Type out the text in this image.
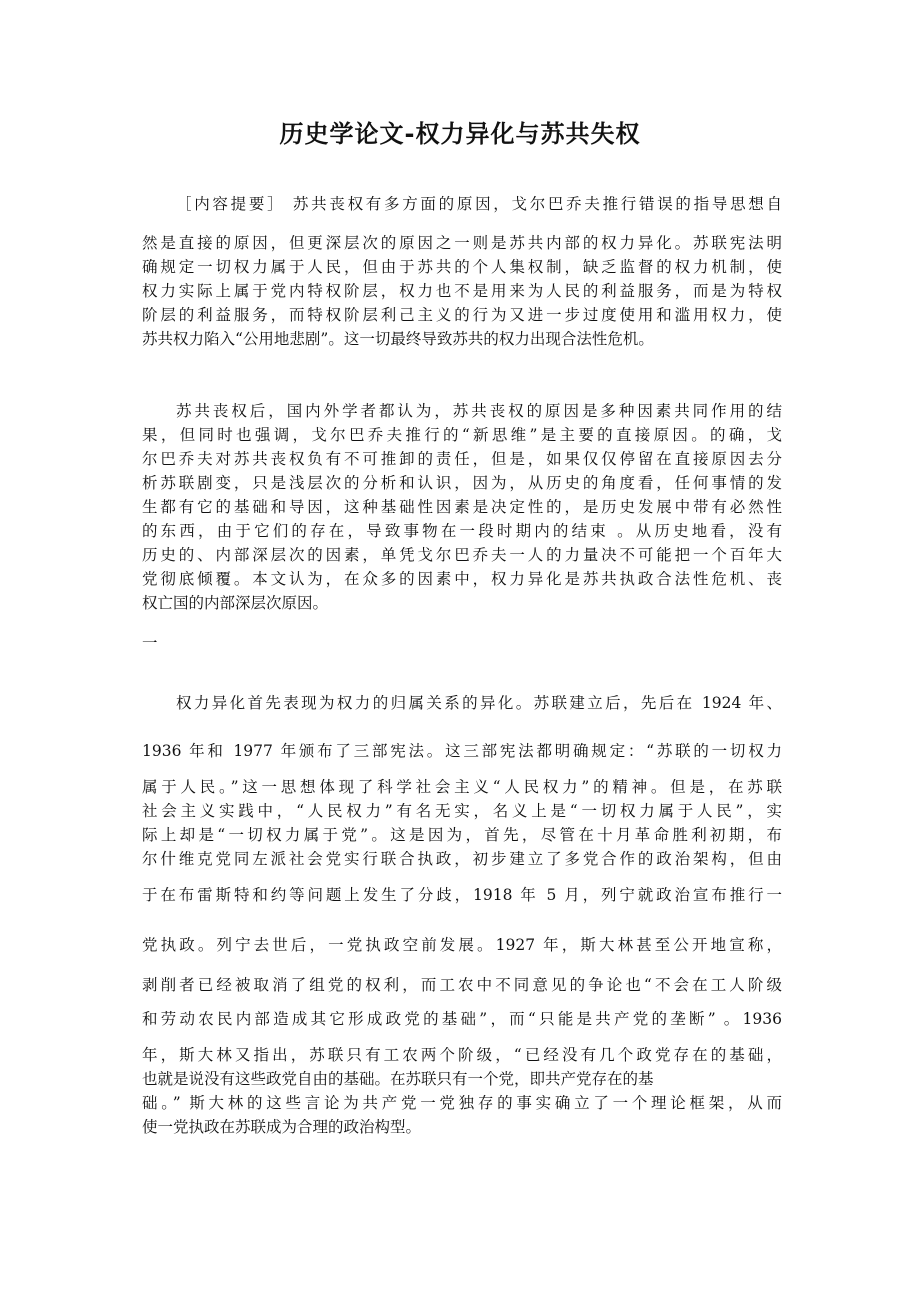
历史学论文-权力异化与苏共失权
［内容提要］ 苏共丧权有多方面的原因，戈尔巴乔夫推行错误的指导思想自
然是直接的原因，但更深层次的原因之一则是苏共内部的权力异化。苏联宪法明
确规定一切权力属于人民，但由于苏共的个人集权制，缺乏监督的权力机制，使
权力实际上属于党内特权阶层，权力也不是用来为人民的利益服务，而是为特权
阶层的利益服务，而特权阶层利己主义的行为又进一步过度使用和滥用权力，使
苏共权力陷入“公用地悲剧”。这一切最终导致苏共的权力出现合法性危机。
苏共丧权后，国内外学者都认为，苏共丧权的原因是多种因素共同作用的结
果，但同时也强调，戈尔巴乔夫推行的“新思维”是主要的直接原因。的确，戈
尔巴乔夫对苏共丧权负有不可推卸的责任，但是，如果仅仅停留在直接原因去分
析苏联剧变，只是浅层次的分析和认识，因为，从历史的角度看，任何事情的发
生都有它的基础和导因，这种基础性因素是决定性的，是历史发展中带有必然性
的东西，由于它们的存在，导致事物在一段时期内的结束 。从历史地看，没有
历史的、内部深层次的因素，单凭戈尔巴乔夫一人的力量决不可能把一个百年大
党彻底倾覆。本文认为，在众多的因素中，权力异化是苏共执政合法性危机、丧
权亡国的内部深层次原因。
一
权力异化首先表现为权力的归属关系的异化。苏联建立后，先后在 1924 年、
1936 年和 1977 年颁布了三部宪法。这三部宪法都明确规定：“苏联的一切权力
属于人民。”这一思想体现了科学社会主义“人民权力”的精神。但是，在苏联
社会主义实践中，“人民权力”有名无实，名义上是“一切权力属于人民”，实
际上却是“一切权力属于党”。这是因为，首先，尽管在十月革命胜利初期，布
尔什维克党同左派社会党实行联合执政，初步建立了多党合作的政治架构，但由
于在布雷斯特和约等问题上发生了分歧，1918 年 5 月，列宁就政治宣布推行一
党执政。列宁去世后，一党执政空前发展。1927 年，斯大林甚至公开地宣称，
剥削者已经被取消了组党的权利，而工农中不同意见的争论也“不会在工人阶级
和劳动农民内部造成其它形成政党的基础”，而“只能是共产党的垄断” 。1936
年，斯大林又指出，苏联只有工农两个阶级，“已经没有几个政党存在的基础，
也就是说没有这些政党自由的基础。在苏联只有一个党，即共产党存在的基
础。” 斯大林的这些言论为共产党一党独存的事实确立了一个理论框架，从而
使一党执政在苏联成为合理的政治构型。
